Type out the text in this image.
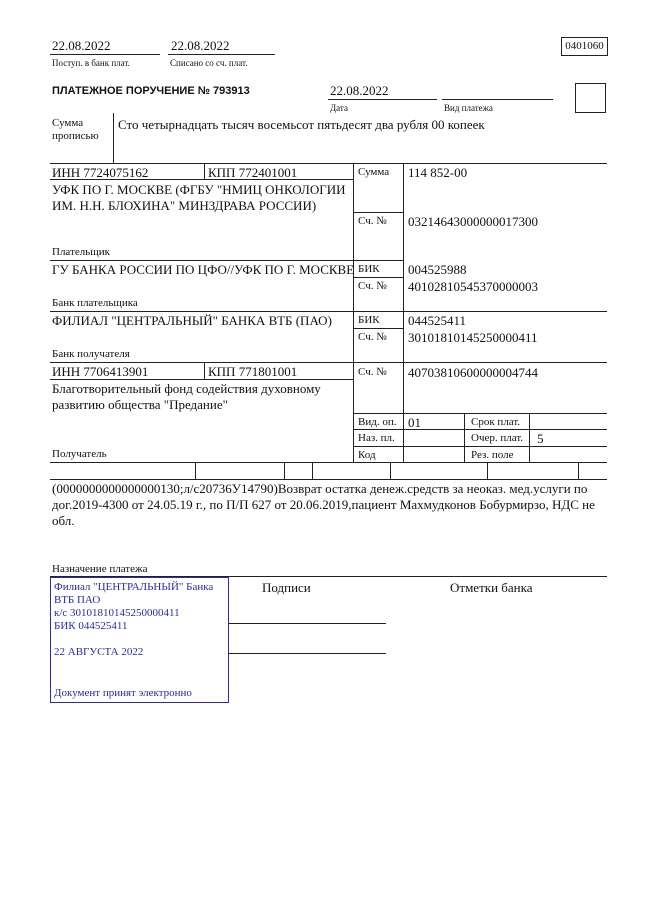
22.08.2022
Поступ. в банк плат.
22.08.2022
Списано со сч. плат.
0401060
ПЛАТЕЖНОЕ ПОРУЧЕНИЕ № 793913	22.08.2022
Дата	Вид платежа
Сумма
прописью
Сто четырнадцать тысяч восемьсот пятьдесят два рубля 00 копеек
ИНН 7724075162	КПП 772401001
УФК ПО Г. МОСКВЕ (ФГБУ "НМИЦ ОНКОЛОГИИ
ИМ. Н.Н. БЛОХИНА" МИНЗДРАВА РОССИИ)
Плательщик
ГУ БАНКА РОССИИ ПО ЦФО//УФК ПО Г. МОСКВЕ
Банк плательщика
ФИЛИАЛ "ЦЕНТРАЛЬНЫЙ" БАНКА ВТБ (ПАО)
Банк получателя
ИНН 7706413901	КПП 771801001
Благотворительный фонд содействия духовному
развитию общества "Предание"
Получатель
Сумма 114 852-00
Сч. № 03214643000000017300
БИК 004525988
Сч. № 40102810545370000003
БИК 044525411
Сч. № 30101810145250000411
Сч. № 40703810600000004744
Вид. оп. 01	Срок плат.
Наз. пл.	Очер. плат. 5
Код	Рез. поле
(0000000000000000130;л/с20736У14790)Возврат остатка денеж.средств за неоказ. мед.услуги по
дог.2019-4300 от 24.05.19 г., по П/П 627 от 20.06.2019,пациент Махмудконов Бобурмирзо, НДС не
обл.
Назначение платежа
Подписи	Отметки банка
Филиал "ЦЕНТРАЛЬНЫЙ" Банка
ВТБ ПАО
к/с 30101810145250000411
БИК 044525411
22 АВГУСТА 2022
Документ принят электронно
